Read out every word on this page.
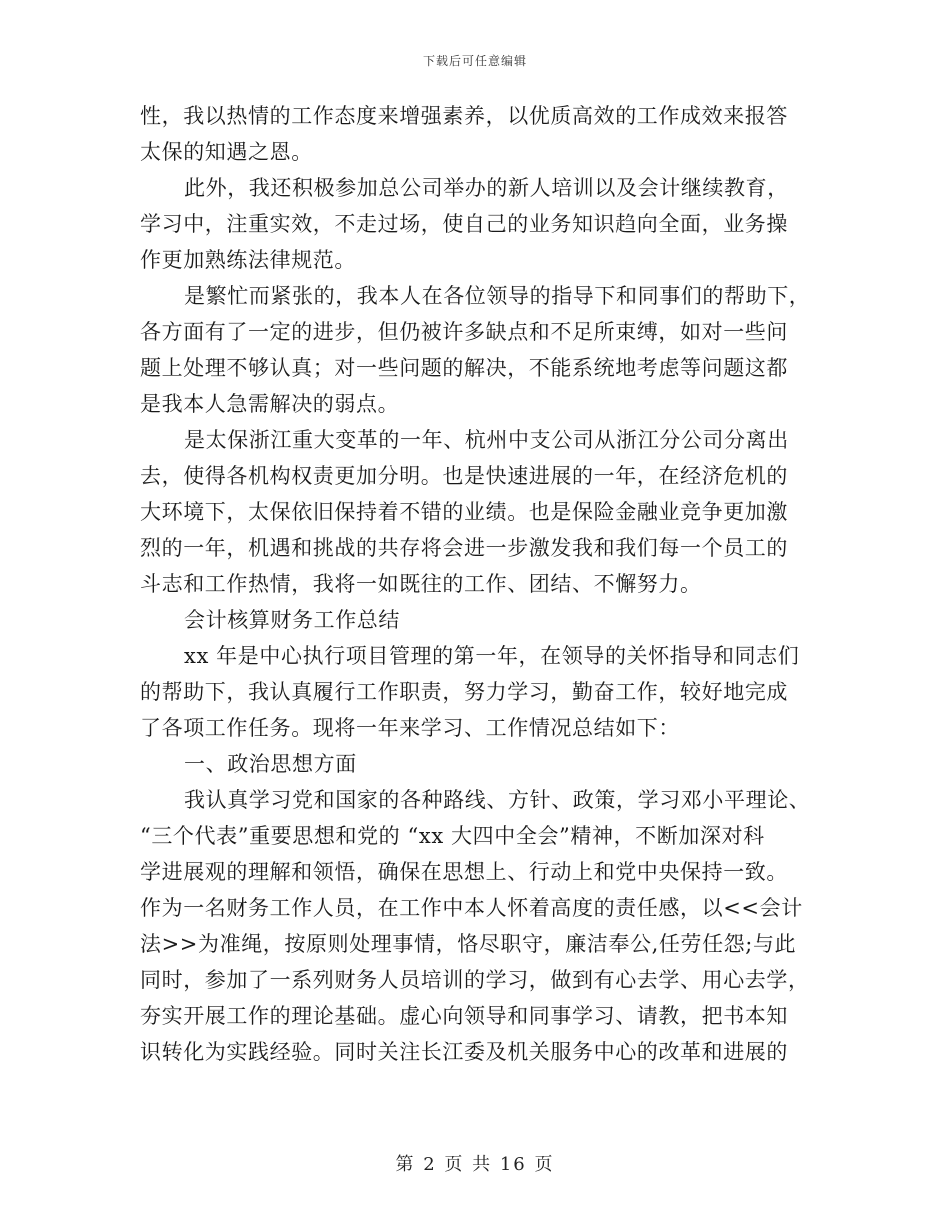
下载后可任意编辑
性，我以热情的工作态度来增强素养，以优质高效的工作成效来报答
太保的知遇之恩。
此外，我还积极参加总公司举办的新人培训以及会计继续教育，
学习中，注重实效，不走过场，使自己的业务知识趋向全面，业务操
作更加熟练法律规范。
是繁忙而紧张的，我本人在各位领导的指导下和同事们的帮助下，
各方面有了一定的进步，但仍被许多缺点和不足所束缚，如对一些问
题上处理不够认真；对一些问题的解决，不能系统地考虑等问题这都
是我本人急需解决的弱点。
是太保浙江重大变革的一年、杭州中支公司从浙江分公司分离出
去，使得各机构权责更加分明。也是快速进展的一年，在经济危机的
大环境下，太保依旧保持着不错的业绩。也是保险金融业竞争更加激
烈的一年，机遇和挑战的共存将会进一步激发我和我们每一个员工的
斗志和工作热情，我将一如既往的工作、团结、不懈努力。
会计核算财务工作总结
xx 年是中心执行项目管理的第一年，在领导的关怀指导和同志们
的帮助下，我认真履行工作职责，努力学习，勤奋工作，较好地完成
了各项工作任务。现将一年来学习、工作情况总结如下：
一、政治思想方面
我认真学习党和国家的各种路线、方针、政策，学习邓小平理论、
“三个代表”重要思想和党的 “xx 大四中全会”精神，不断加深对科
学进展观的理解和领悟，确保在思想上、行动上和党中央保持一致。
作为一名财务工作人员，在工作中本人怀着高度的责任感，以<<会计
法>>为准绳，按原则处理事情，恪尽职守，廉洁奉公,任劳任怨;与此
同时，参加了一系列财务人员培训的学习，做到有心去学、用心去学，
夯实开展工作的理论基础。虚心向领导和同事学习、请教，把书本知
识转化为实践经验。同时关注长江委及机关服务中心的改革和进展的
第 2 页 共 16 页
